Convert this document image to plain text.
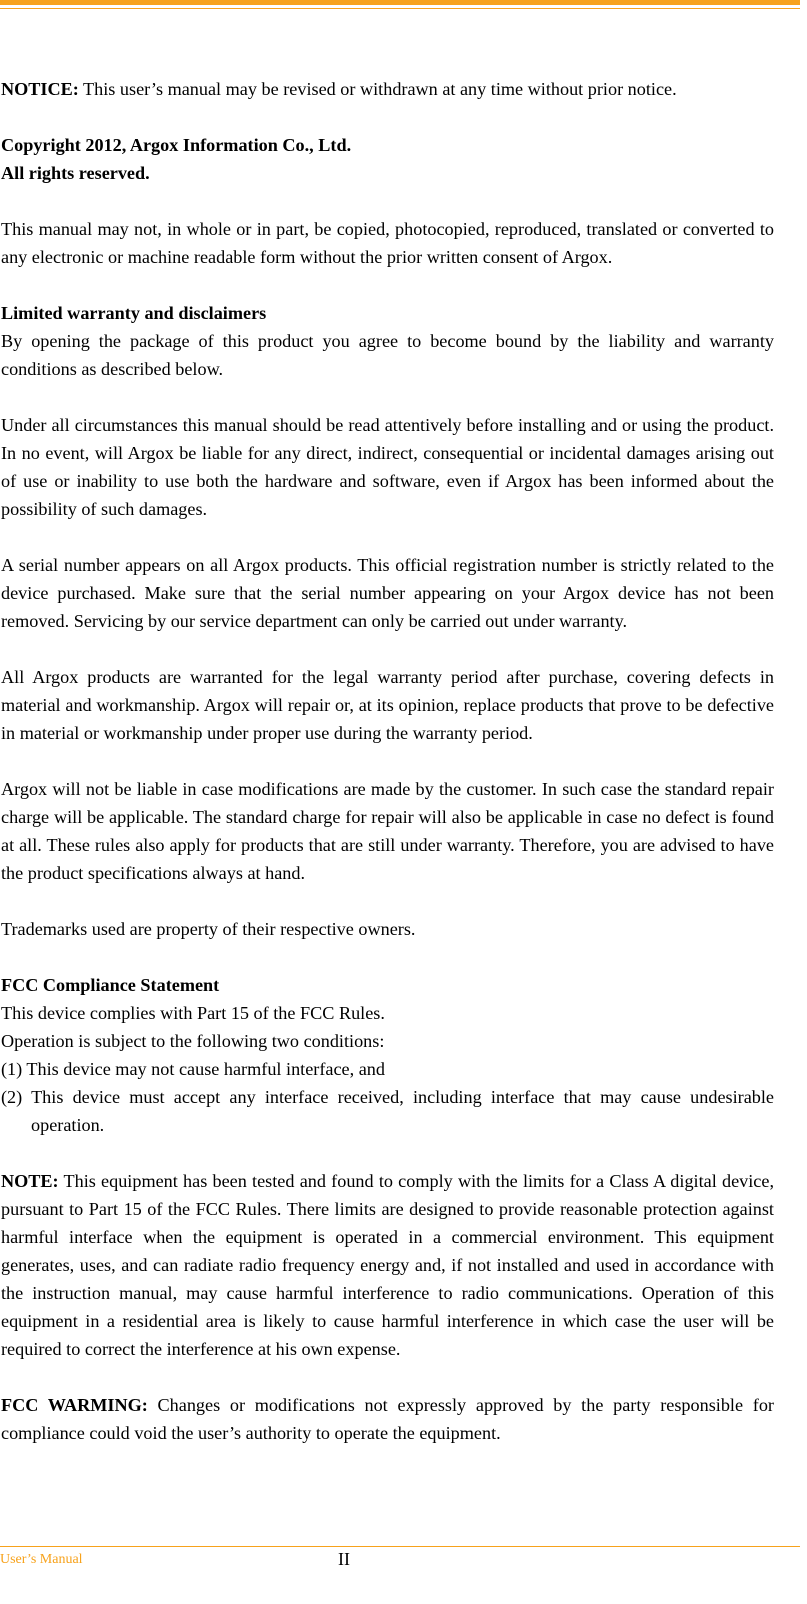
NOTICE: This user’s manual may be revised or withdrawn at any time without prior notice.

Copyright 2012, Argox Information Co., Ltd.
All rights reserved.

This manual may not, in whole or in part, be copied, photocopied, reproduced, translated or converted to any electronic or machine readable form without the prior written consent of Argox.

Limited warranty and disclaimers
By opening the package of this product you agree to become bound by the liability and warranty conditions as described below.

Under all circumstances this manual should be read attentively before installing and or using the product. In no event, will Argox be liable for any direct, indirect, consequential or incidental damages arising out of use or inability to use both the hardware and software, even if Argox has been informed about the possibility of such damages.

A serial number appears on all Argox products. This official registration number is strictly related to the device purchased. Make sure that the serial number appearing on your Argox device has not been removed. Servicing by our service department can only be carried out under warranty.

All Argox products are warranted for the legal warranty period after purchase, covering defects in material and workmanship. Argox will repair or, at its opinion, replace products that prove to be defective in material or workmanship under proper use during the warranty period.

Argox will not be liable in case modifications are made by the customer. In such case the standard repair charge will be applicable. The standard charge for repair will also be applicable in case no defect is found at all. These rules also apply for products that are still under warranty. Therefore, you are advised to have the product specifications always at hand.

Trademarks used are property of their respective owners.

FCC Compliance Statement
This device complies with Part 15 of the FCC Rules.
Operation is subject to the following two conditions:
(1) This device may not cause harmful interface, and
(2) This device must accept any interface received, including interface that may cause undesirable operation.

NOTE: This equipment has been tested and found to comply with the limits for a Class A digital device, pursuant to Part 15 of the FCC Rules. There limits are designed to provide reasonable protection against harmful interface when the equipment is operated in a commercial environment. This equipment generates, uses, and can radiate radio frequency energy and, if not installed and used in accordance with the instruction manual, may cause harmful interference to radio communications. Operation of this equipment in a residential area is likely to cause harmful interference in which case the user will be required to correct the interference at his own expense.

FCC WARMING: Changes or modifications not expressly approved by the party responsible for compliance could void the user’s authority to operate the equipment.

User’s Manual	II
